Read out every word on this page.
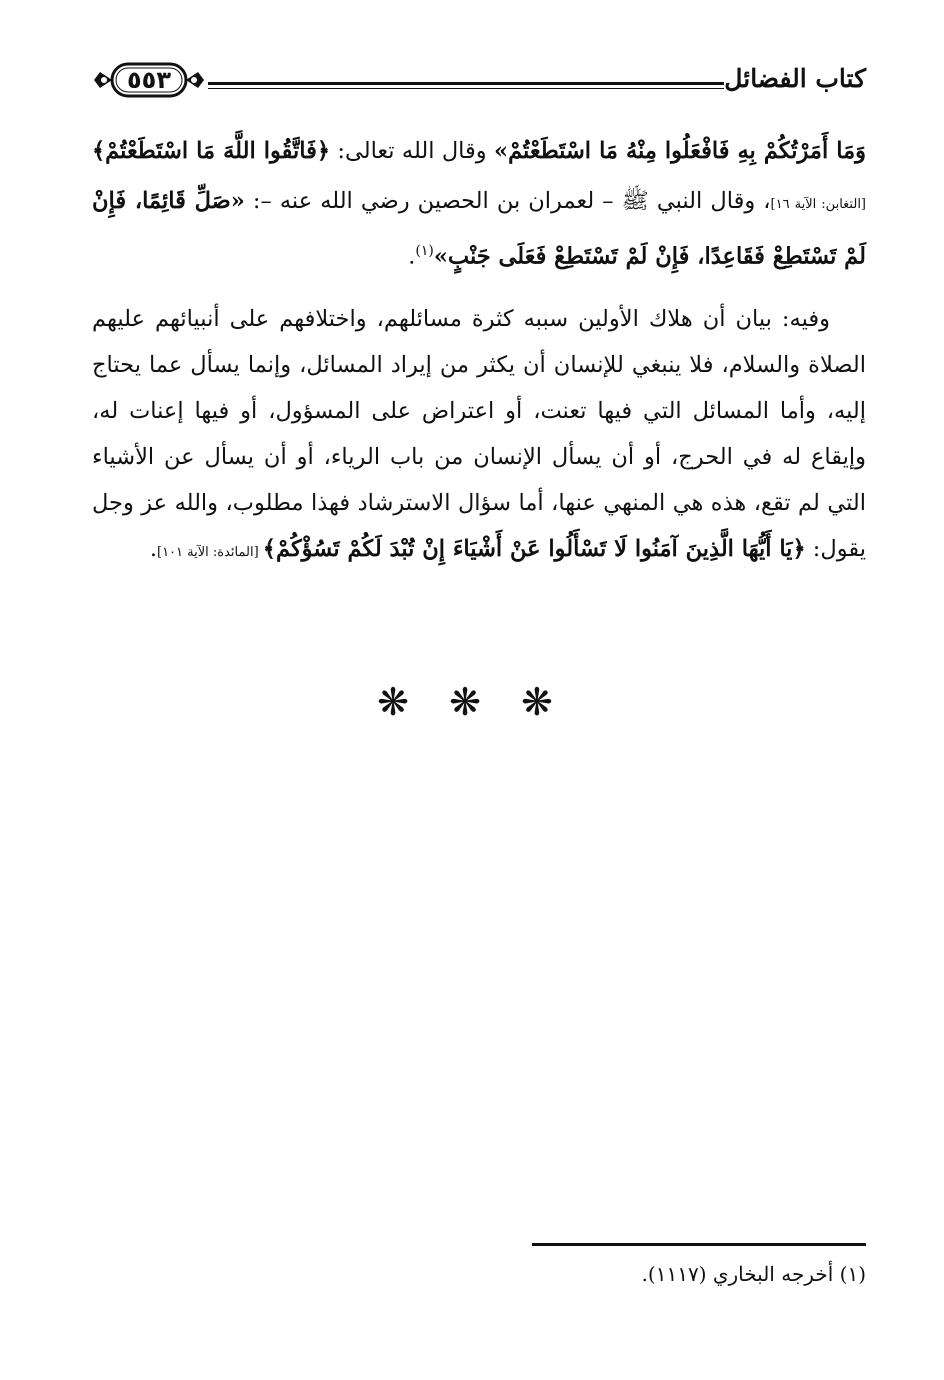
كتاب الفضائل
٥٥٣

وَمَا أَمَرْتُكُمْ بِهِ فَافْعَلُوا مِنْهُ مَا اسْتَطَعْتُمْ» وقال الله تعالى: ﴿فَاتَّقُوا اللَّهَ مَا اسْتَطَعْتُمْ﴾ [التغابن: الآية ١٦]، وقال النبي ﷺ – لعمران بن الحصين رضي الله عنه –: «صَلِّ قَائِمًا، فَإِنْ لَمْ تَسْتَطِعْ فَقَاعِدًا، فَإِنْ لَمْ تَسْتَطِعْ فَعَلَى جَنْبٍ»$^{(١)}$.

وفيه: بيان أن هلاك الأولين سببه كثرة مسائلهم، واختلافهم على أنبيائهم عليهم الصلاة والسلام، فلا ينبغي للإنسان أن يكثر من إيراد المسائل، وإنما يسأل عما يحتاج إليه، وأما المسائل التي فيها تعنت، أو اعتراض على المسؤول، أو فيها إعنات له، وإيقاع له في الحرج، أو أن يسأل الإنسان من باب الرياء، أو أن يسأل عن الأشياء التي لم تقع، هذه هي المنهي عنها، أما سؤال الاسترشاد فهذا مطلوب، والله عز وجل يقول: ﴿يَا أَيُّهَا الَّذِينَ آمَنُوا لَا تَسْأَلُوا عَنْ أَشْيَاءَ إِنْ تُبْدَ لَكُمْ تَسُؤْكُمْ﴾ [المائدة: الآية ١٠١].

❋ ❋ ❋
(١) أخرجه البخاري (١١١٧).
